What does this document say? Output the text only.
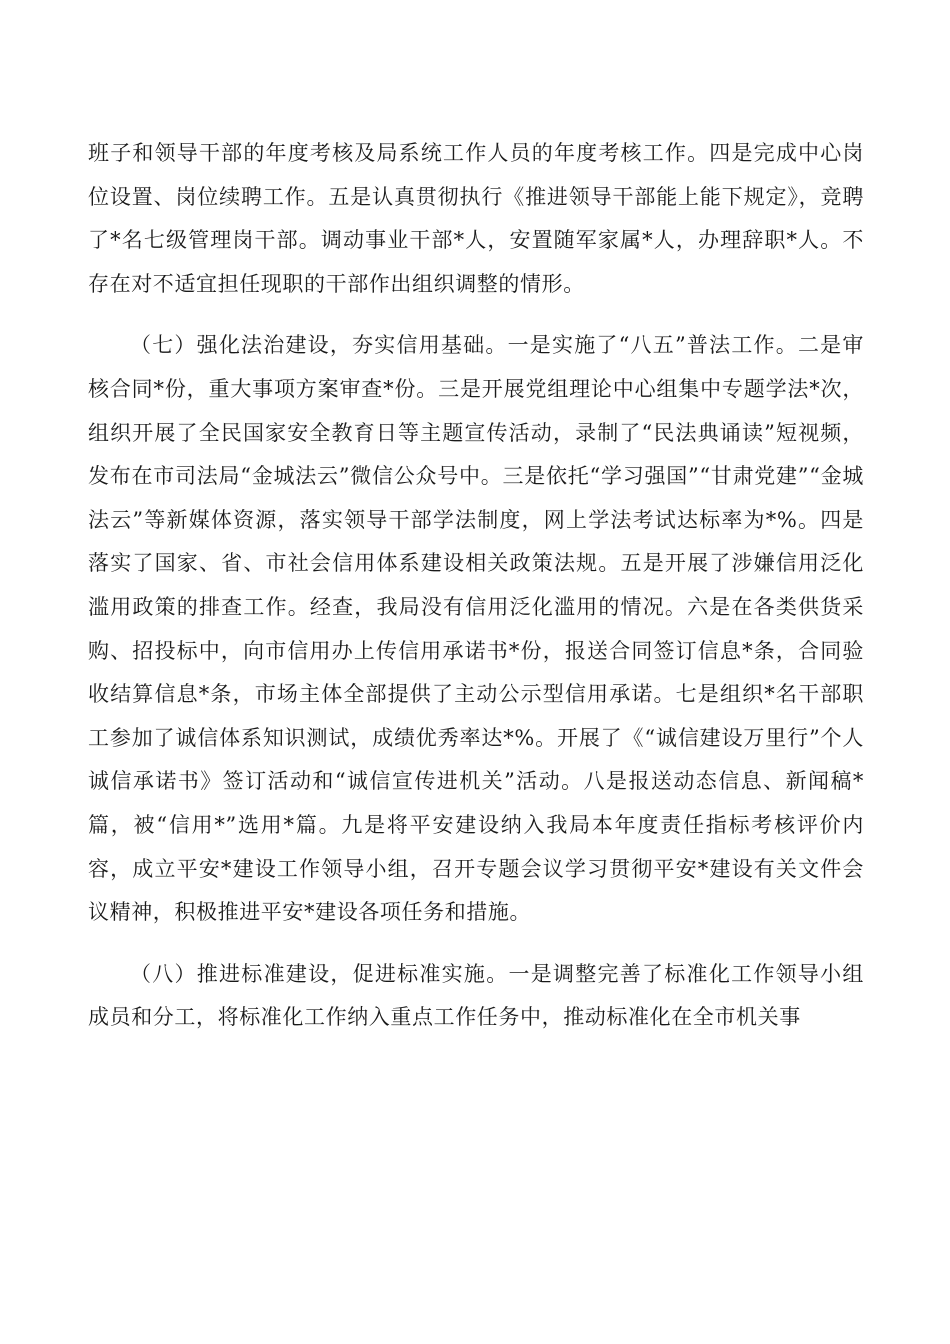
班子和领导干部的年度考核及局系统工作人员的年度考核工作。四是完成中心岗位设置、岗位续聘工作。五是认真贯彻执行《推进领导干部能上能下规定》，竞聘了*名七级管理岗干部。调动事业干部*人，安置随军家属*人，办理辞职*人。不存在对不适宜担任现职的干部作出组织调整的情形。

（七）强化法治建设，夯实信用基础。一是实施了“八五”普法工作。二是审核合同*份，重大事项方案审查*份。三是开展党组理论中心组集中专题学法*次，组织开展了全民国家安全教育日等主题宣传活动，录制了“民法典诵读”短视频，发布在市司法局“金城法云”微信公众号中。三是依托“学习强国”“甘肃党建”“金城法云”等新媒体资源，落实领导干部学法制度，网上学法考试达标率为*%。四是落实了国家、省、市社会信用体系建设相关政策法规。五是开展了涉嫌信用泛化滥用政策的排查工作。经查，我局没有信用泛化滥用的情况。六是在各类供货采购、招投标中，向市信用办上传信用承诺书*份，报送合同签订信息*条，合同验收结算信息*条，市场主体全部提供了主动公示型信用承诺。七是组织*名干部职工参加了诚信体系知识测试，成绩优秀率达*%。开展了《“诚信建设万里行”个人诚信承诺书》签订活动和“诚信宣传进机关”活动。八是报送动态信息、新闻稿*篇，被“信用*”选用*篇。九是将平安建设纳入我局本年度责任指标考核评价内容，成立平安*建设工作领导小组，召开专题会议学习贯彻平安*建设有关文件会议精神，积极推进平安*建设各项任务和措施。

（八）推进标准建设，促进标准实施。一是调整完善了标准化工作领导小组成员和分工，将标准化工作纳入重点工作任务中，推动标准化在全市机关事
